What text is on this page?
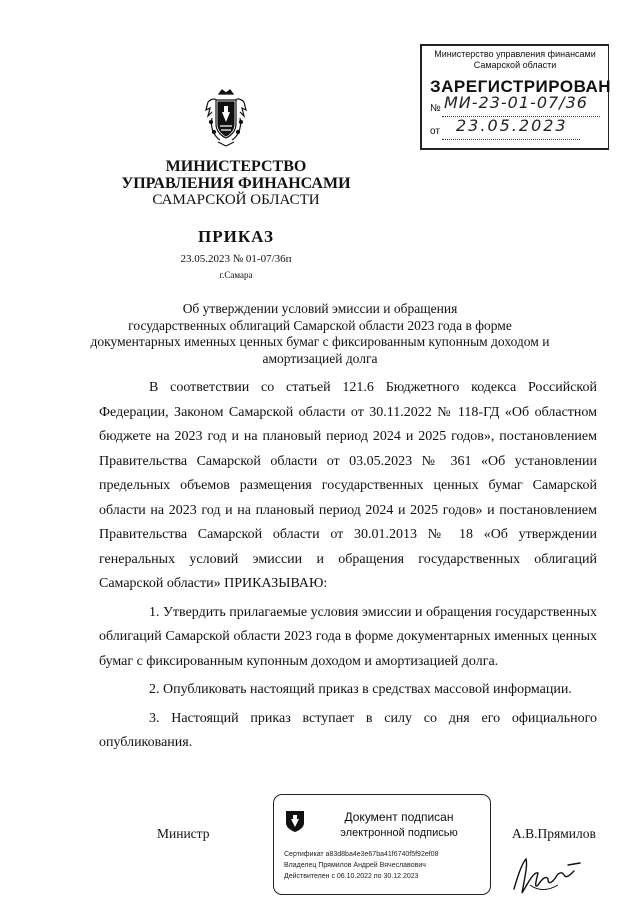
Министерство управления финансами
Самарской области
ЗАРЕГИСТРИРОВАН
№ МИ-23-01-07/36
от 23.05.2023
МИНИСТЕРСТВО
УПРАВЛЕНИЯ ФИНАНСАМИ
САМАРСКОЙ ОБЛАСТИ
ПРИКАЗ
23.05.2023 № 01-07/36п
г.Самара
Об утверждении условий эмиссии и обращения
государственных облигаций Самарской области 2023 года в форме
документарных именных ценных бумаг с фиксированным купонным доходом и
амортизацией долга

В соответствии со статьей 121.6 Бюджетного кодекса Российской Федерации, Законом Самарской области от 30.11.2022 № 118-ГД «Об областном бюджете на 2023 год и на плановый период 2024 и 2025 годов», постановлением Правительства Самарской области от 03.05.2023 № 361 «Об установлении предельных объемов размещения государственных ценных бумаг Самарской области на 2023 год и на плановый период 2024 и 2025 годов» и постановлением Правительства Самарской области от 30.01.2013 № 18 «Об утверждении генеральных условий эмиссии и обращения государственных облигаций Самарской области» ПРИКАЗЫВАЮ:

1. Утвердить прилагаемые условия эмиссии и обращения государственных облигаций Самарской области 2023 года в форме документарных именных ценных бумаг с фиксированным купонным доходом и амортизацией долга.

2. Опубликовать настоящий приказ в средствах массовой информации.

3. Настоящий приказ вступает в силу со дня его официального опубликования.

Министр
Документ подписан
электронной подписью
Сертификат a83d8ba4e3e67ba41f6740f5f92ef08
Владелец Прямилов Андрей Вячеславович
Действителен с 06.10.2022 по 30.12.2023
А.В.Прямилов
